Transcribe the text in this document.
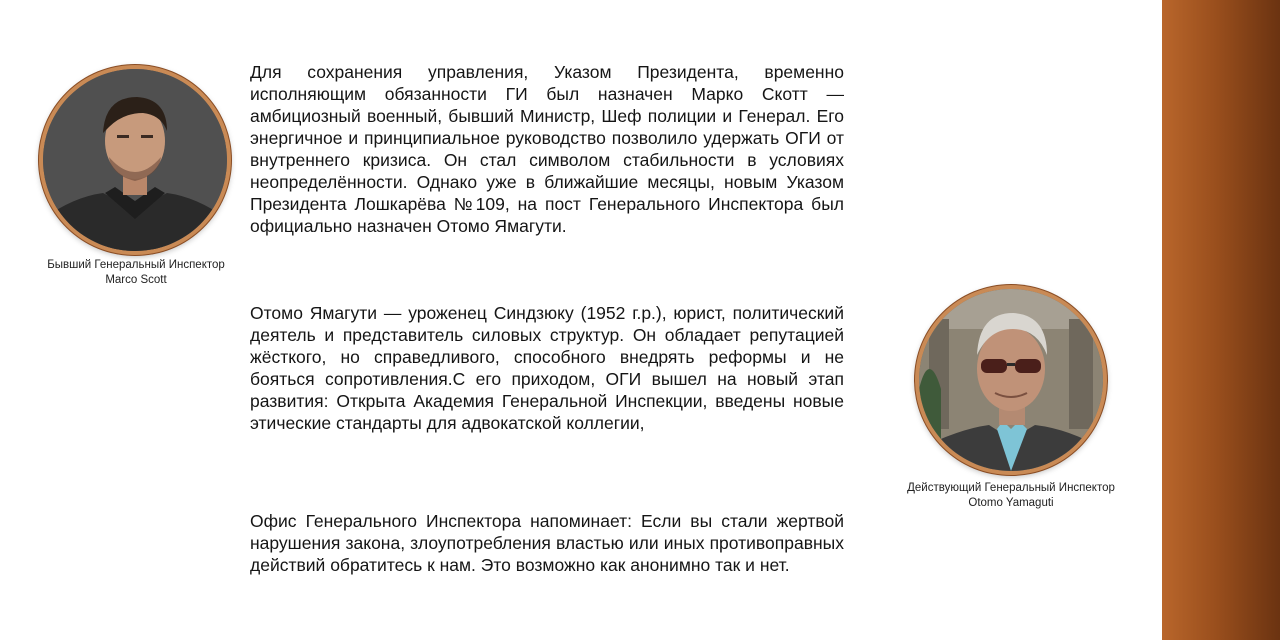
Бывший Генеральный Инспектор
Marco Scott
Действующий Генеральный Инспектор
Otomo Yamaguti

Для сохранения управления, Указом Президента, временно исполняющим обязанности ГИ был назначен Марко Скотт — амбициозный военный, бывший Министр, Шеф полиции и Генерал. Его энергичное и принципиальное руководство позволило удержать ОГИ от внутреннего кризиса. Он стал символом стабильности в условиях неопределённости. Однако уже в ближайшие месяцы, новым Указом Президента Лошкарёва №109, на пост Генерального Инспектора был официально назначен Отомо Ямагути.

Отомо Ямагути — уроженец Синдзюку (1952 г.р.), юрист, политический деятель и представитель силовых структур. Он обладает репутацией жёсткого, но справедливого, способного внедрять реформы и не бояться сопротивления.С его приходом, ОГИ вышел на новый этап развития: Открыта Академия Генеральной Инспекции, введены новые этические стандарты для адвокатской коллегии,

Офис Генерального Инспектора напоминает: Если вы стали жертвой нарушения закона, злоупотребления властью или иных противоправных действий обратитесь к нам. Это возможно как анонимно так и нет.
